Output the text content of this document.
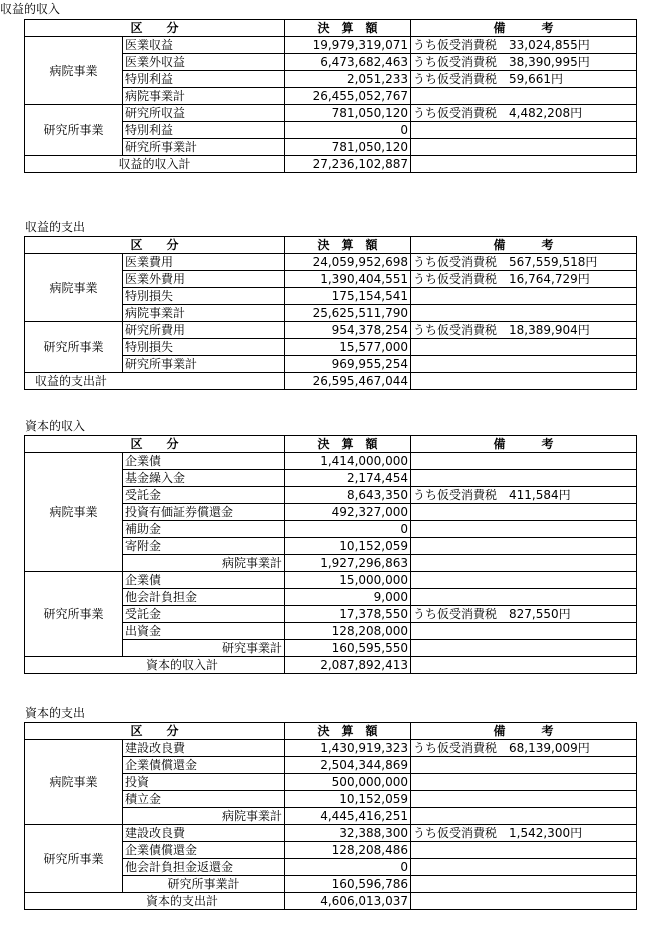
収益的収入
区　　分		決　算　額	備　　　考
病院事業	医業収益	19,979,319,071	うち仮受消費税　33,024,855円
	医業外収益	6,473,682,463	うち仮受消費税　38,390,995円
	特別利益	2,051,233	うち仮受消費税　59,661円
	病院事業計	26,455,052,767	
研究所事業	研究所収益	781,050,120	うち仮受消費税　4,482,208円
	特別利益	0	
	研究所事業計	781,050,120	
収益的収入計		27,236,102,887	
収益的支出
区　　分		決　算　額	備　　　考
病院事業	医業費用	24,059,952,698	うち仮受消費税　567,559,518円
	医業外費用	1,390,404,551	うち仮受消費税　16,764,729円
	特別損失	175,154,541	
	病院事業計	25,625,511,790	
研究所事業	研究所費用	954,378,254	うち仮受消費税　18,389,904円
	特別損失	15,577,000	
	研究所事業計	969,955,254	
収益的支出計		26,595,467,044	
資本的収入
区　　分		決　算　額	備　　　考
病院事業	企業債	1,414,000,000	
	基金繰入金	2,174,454	
	受託金	8,643,350	うち仮受消費税　411,584円
	投資有価証券償還金	492,327,000	
	補助金	0	
	寄附金	10,152,059	
	病院事業計	1,927,296,863	
研究所事業	企業債	15,000,000	
	他会計負担金	9,000	
	受託金	17,378,550	うち仮受消費税　827,550円
	出資金	128,208,000	
	研究事業計	160,595,550	
資本的収入計		2,087,892,413	
資本的支出
区　　分		決　算　額	備　　　考
病院事業	建設改良費	1,430,919,323	うち仮受消費税　68,139,009円
	企業債償還金	2,504,344,869	
	投資	500,000,000	
	積立金	10,152,059	
	病院事業計	4,445,416,251	
研究所事業	建設改良費	32,388,300	うち仮受消費税　1,542,300円
	企業債償還金	128,208,486	
	他会計負担金返還金	0	
	研究所事業計	160,596,786	
資本的支出計		4,606,013,037	
